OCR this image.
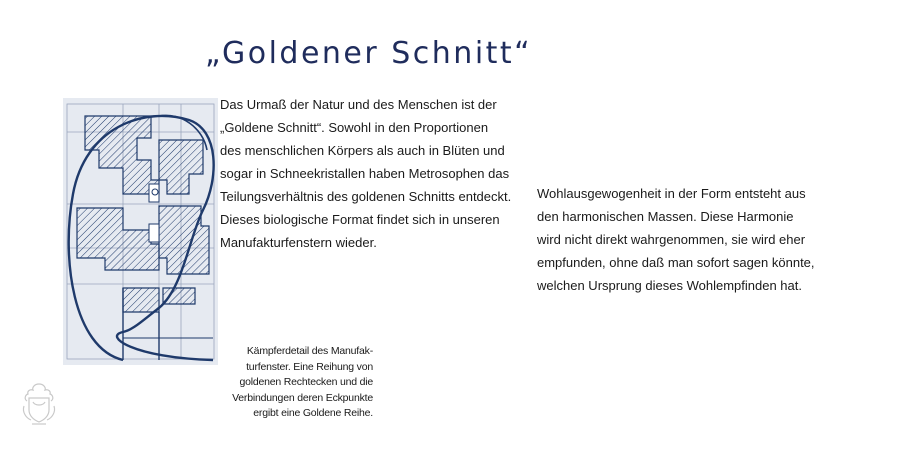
„Goldener Schnitt“
Das Urmaß der Natur und des Menschen ist der
„Goldene Schnitt“. Sowohl in den Proportionen
des menschlichen Körpers als auch in Blüten und
sogar in Schneekristallen haben Metrosophen das
Teilungsverhältnis des goldenen Schnitts entdeckt.
Dieses biologische Format findet sich in unseren
Manufakturfenstern wieder.
Wohlausgewogenheit in der Form entsteht aus
den harmonischen Massen. Diese Harmonie
wird nicht direkt wahrgenommen, sie wird eher
empfunden, ohne daß man sofort sagen könnte,
welchen Ursprung dieses Wohlempfinden hat.
Kämpferdetail des Manufak-
turfenster. Eine Reihung von
goldenen Rechtecken und die
Verbindungen deren Eckpunkte
ergibt eine Goldene Reihe.
